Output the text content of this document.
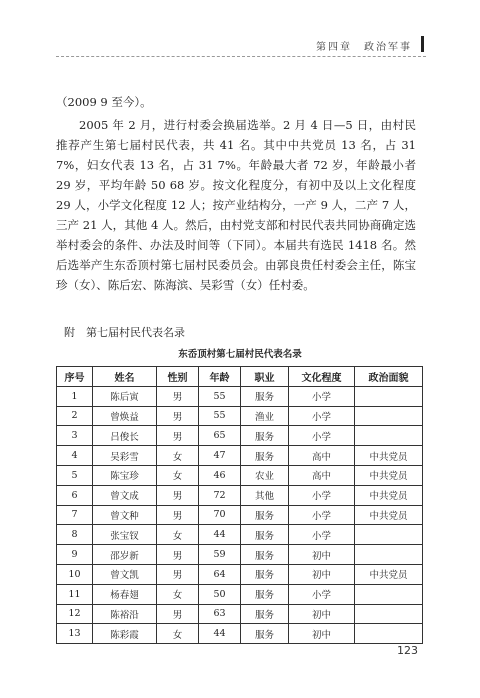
第四章　政治军事

（2009 9 至今）。

2005 年 2 月，进行村委会换届选举。2 月 4 日—5 日，由村民推荐产生第七届村民代表，共 41 名。其中中共党员 13 名，占 31 7%，妇女代表 13 名，占 31 7%。年龄最大者 72 岁，年龄最小者 29 岁，平均年龄 50 68 岁。按文化程度分，有初中及以上文化程度 29 人，小学文化程度 12 人；按产业结构分，一产 9 人，二产 7 人，三产 21 人，其他 4 人。然后，由村党支部和村民代表共同协商确定选举村委会的条件、办法及时间等（下同）。本届共有选民 1418 名。然后选举产生东岙顶村第七届村民委员会。由郭良贵任村委会主任，陈宝珍（女）、陈后宏、陈海滨、吴彩雪（女）任村委。

附　第七届村民代表名录

东岙顶村第七届村民代表名录
序号	姓名	性别	年龄	职业	文化程度	政治面貌
1	陈后寅	男	55	服务	小学	
2	曾焕益	男	55	渔业	小学	
3	吕俊长	男	65	服务	小学	
4	吴彩雪	女	47	服务	高中	中共党员
5	陈宝珍	女	46	农业	高中	中共党员
6	曾文成	男	72	其他	小学	中共党员
7	曾文种	男	70	服务	小学	中共党员
8	张宝钗	女	44	服务	小学	
9	邵岁新	男	59	服务	初中	
10	曾文凯	男	64	服务	初中	中共党员
11	杨春翅	女	50	服务	小学	
12	陈裕沿	男	63	服务	初中	
13	陈彩霞	女	44	服务	初中	
123
